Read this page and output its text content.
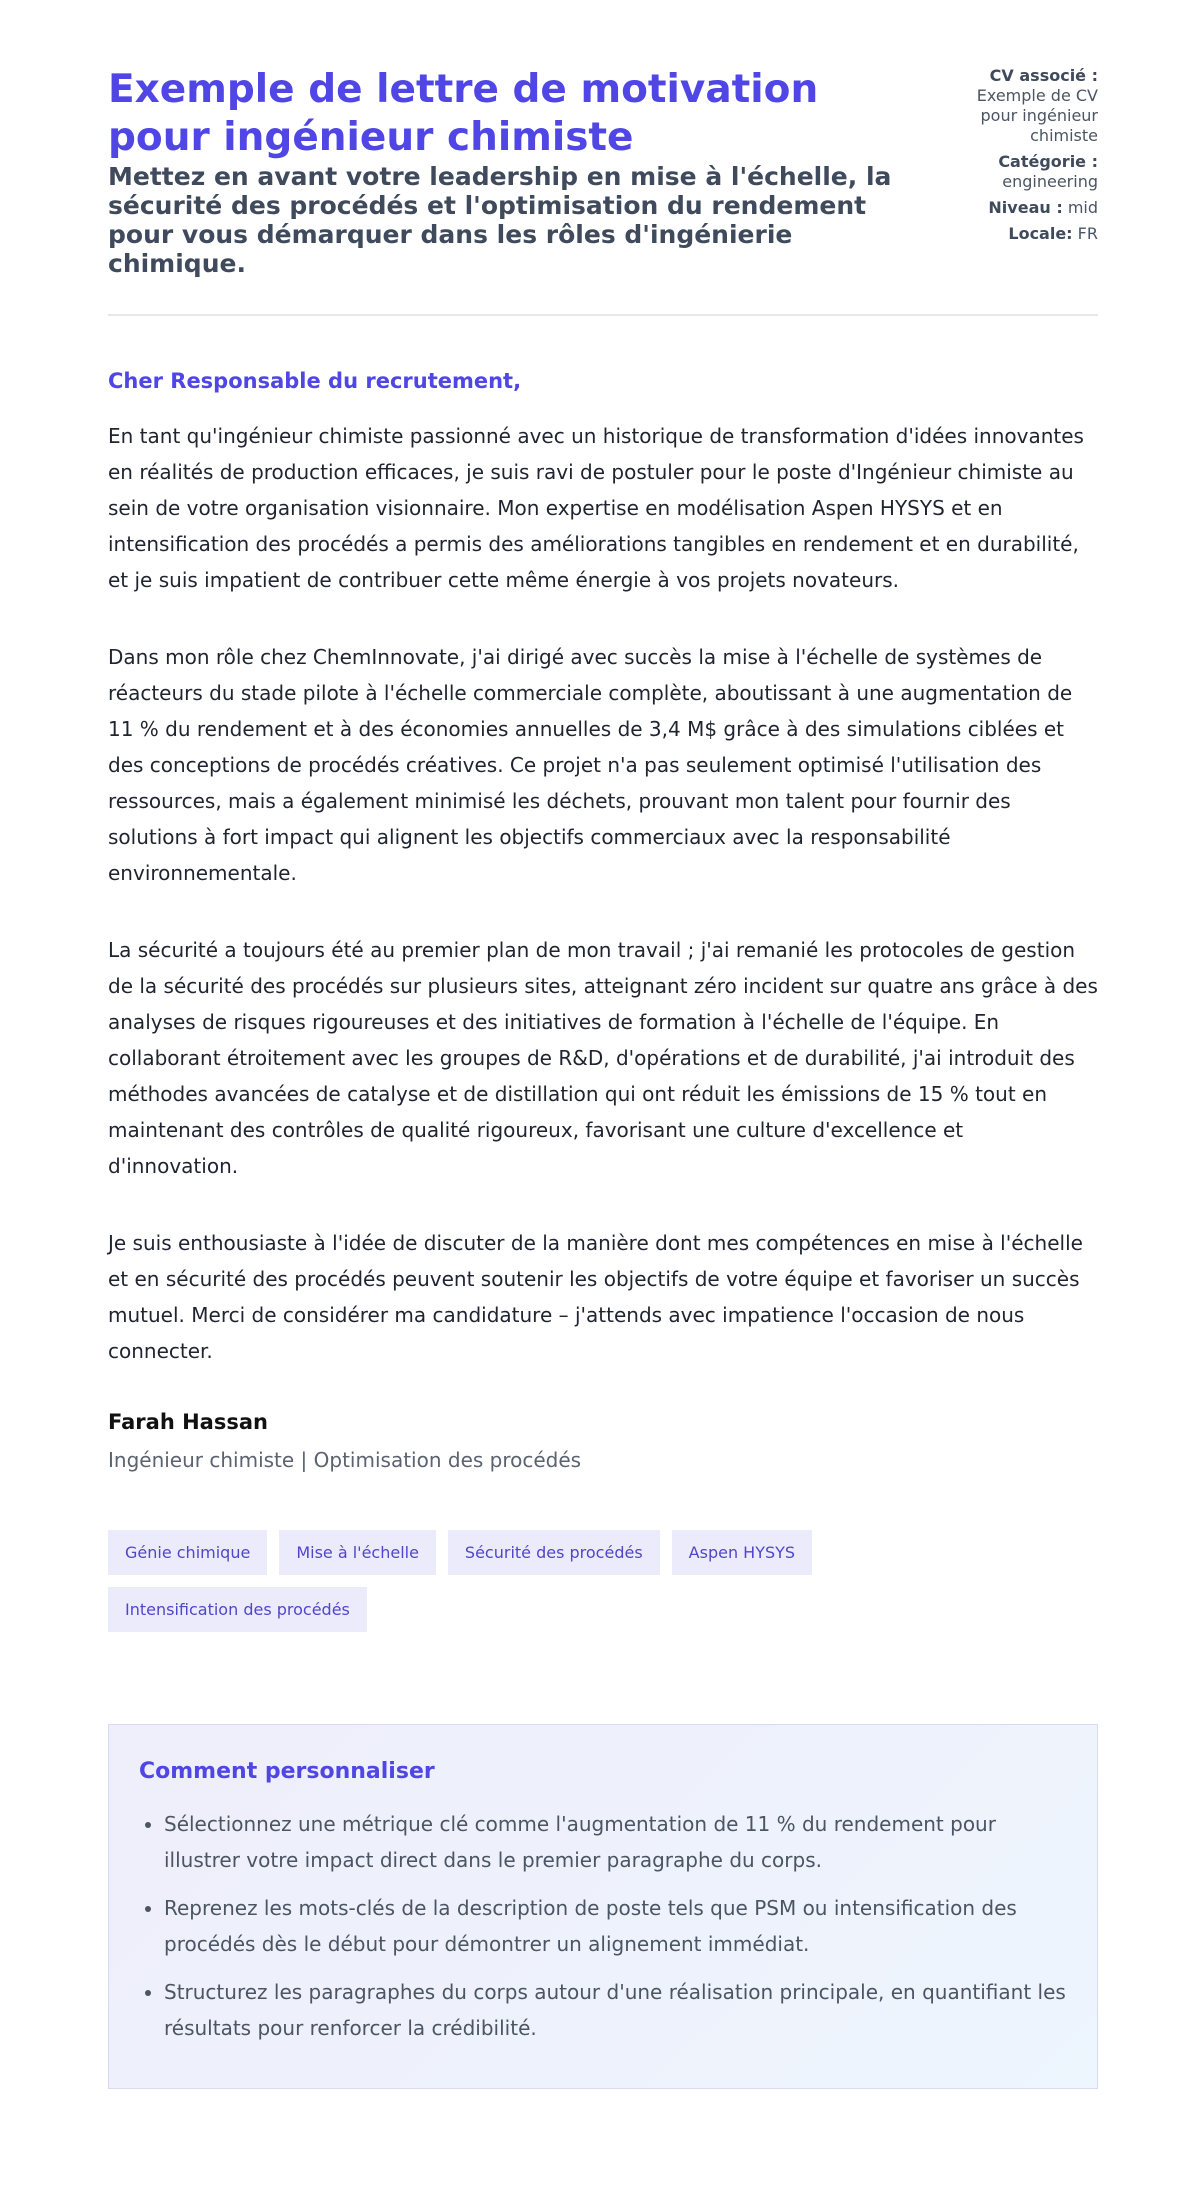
Exemple de lettre de motivation pour ingénieur chimiste

Mettez en avant votre leadership en mise à l'échelle, la sécurité des procédés et l'optimisation du rendement pour vous démarquer dans les rôles d'ingénierie chimique.

CV associé :
Exemple de CV pour ingénieur chimiste
Catégorie :
engineering
Niveau : mid
Locale: FR
Cher Responsable du recrutement,

En tant qu'ingénieur chimiste passionné avec un historique de transformation d'idées innovantes en réalités de production efficaces, je suis ravi de postuler pour le poste d'Ingénieur chimiste au sein de votre organisation visionnaire. Mon expertise en modélisation Aspen HYSYS et en intensification des procédés a permis des améliorations tangibles en rendement et en durabilité, et je suis impatient de contribuer cette même énergie à vos projets novateurs.

Dans mon rôle chez ChemInnovate, j'ai dirigé avec succès la mise à l'échelle de systèmes de réacteurs du stade pilote à l'échelle commerciale complète, aboutissant à une augmentation de 11 % du rendement et à des économies annuelles de 3,4 M$ grâce à des simulations ciblées et des conceptions de procédés créatives. Ce projet n'a pas seulement optimisé l'utilisation des ressources, mais a également minimisé les déchets, prouvant mon talent pour fournir des solutions à fort impact qui alignent les objectifs commerciaux avec la responsabilité environnementale.

La sécurité a toujours été au premier plan de mon travail ; j'ai remanié les protocoles de gestion de la sécurité des procédés sur plusieurs sites, atteignant zéro incident sur quatre ans grâce à des analyses de risques rigoureuses et des initiatives de formation à l'échelle de l'équipe. En collaborant étroitement avec les groupes de R&D, d'opérations et de durabilité, j'ai introduit des méthodes avancées de catalyse et de distillation qui ont réduit les émissions de 15 % tout en maintenant des contrôles de qualité rigoureux, favorisant une culture d'excellence et d'innovation.

Je suis enthousiaste à l'idée de discuter de la manière dont mes compétences en mise à l'échelle et en sécurité des procédés peuvent soutenir les objectifs de votre équipe et favoriser un succès mutuel. Merci de considérer ma candidature – j'attends avec impatience l'occasion de nous connecter.

Farah Hassan
Ingénieur chimiste | Optimisation des procédés
Génie chimique	Mise à l'échelle	Sécurité des procédés	Aspen HYSYS
Intensification des procédés
Comment personnaliser
• Sélectionnez une métrique clé comme l'augmentation de 11 % du rendement pour illustrer votre impact direct dans le premier paragraphe du corps.
• Reprenez les mots-clés de la description de poste tels que PSM ou intensification des procédés dès le début pour démontrer un alignement immédiat.
• Structurez les paragraphes du corps autour d'une réalisation principale, en quantifiant les résultats pour renforcer la crédibilité.
